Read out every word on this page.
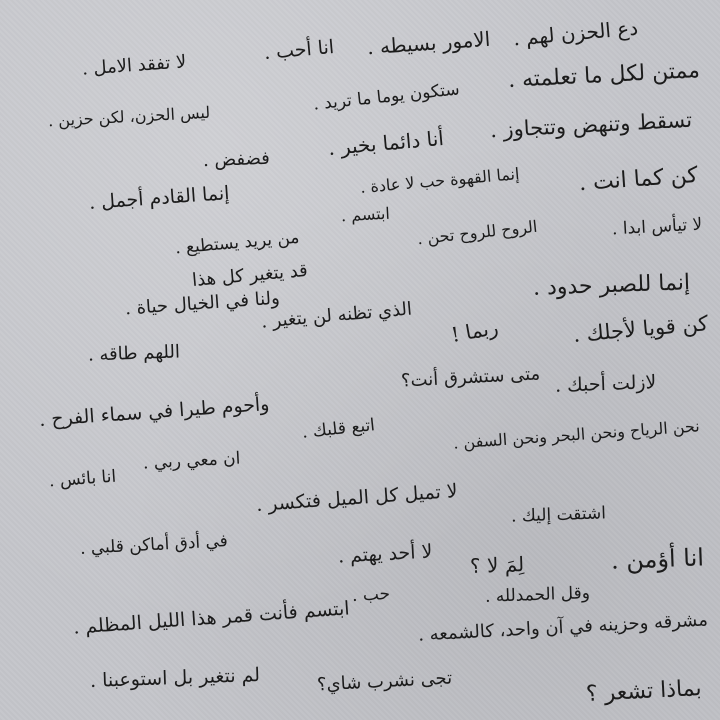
دع الحزن لهم .
الامور بسيطه .
انا أحب .
لا تفقد الامل .	ممتن لكل ما تعلمته .
ستكون يوما ما تريد .
ليس الحزن، لكن حزين .	تسقط وتنهض وتتجاوز .
أنا دائما بخير .
فضفض .
كن كما انت .
إنما القهوة حب لا عادة .
إنما القادم أجمل .
ابتسم .
لا تيأس ابدا .
الروح للروح تحن .
من يريد يستطيع .
قد يتغير كل هذا	إنما للصبر حدود .
ولنا في الخيال حياة .
الذي تظنه لن يتغير . ربما !	كن قويا لأجلك .
اللهم طاقه .
لازلت أحبك .
متى ستشرق أنت؟
وأحوم طيرا في سماء الفرح . اتبع قلبك .	نحن الرياح ونحن البحر ونحن السفن .
ان معي ربي .
انا بائس .
لا تميل كل الميل فتكسر .	اشتقت إليك .
في أدق أماكن قلبي .	انا أؤمن .
لِمَ لا ؟
لا أحد يهتم .
حب .	وقل الحمدلله .
ابتسم فأنت قمر هذا الليل المظلم .	مشرقه وحزينه في آن واحد، كالشمعه .
تجى نشرب شاي؟
لم نتغير بل استوعبنا .	بماذا تشعر ؟
